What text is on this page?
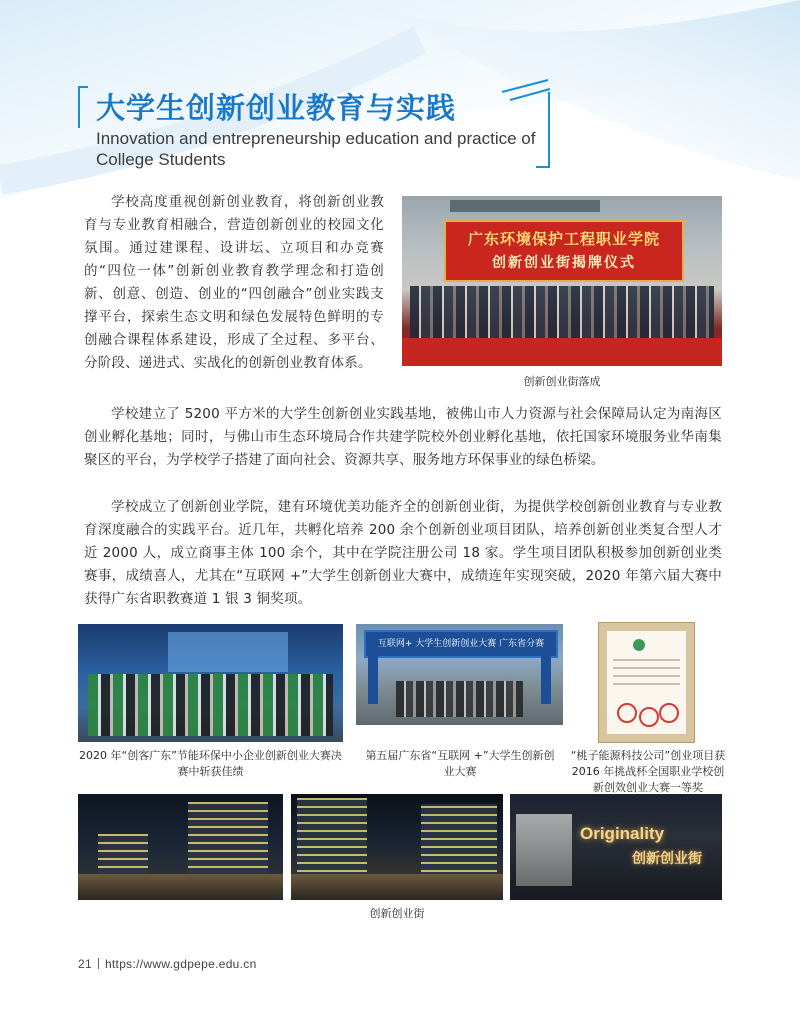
大学生创新创业教育与实践
Innovation and entrepreneurship education and practice of College Students

学校高度重视创新创业教育，将创新创业教育与专业教育相融合，营造创新创业的校园文化氛围。通过建课程、设讲坛、立项目和办竞赛的“四位一体”创新创业教育教学理念和打造创新、创意、创造、创业的“四创融合”创业实践支撑平台，探索生态文明和绿色发展特色鲜明的专创融合课程体系建设，形成了全过程、多平台、分阶段、递进式、实战化的创新创业教育体系。

学校建立了 5200 平方米的大学生创新创业实践基地，被佛山市人力资源与社会保障局认定为南海区创业孵化基地；同时，与佛山市生态环境局合作共建学院校外创业孵化基地，依托国家环境服务业华南集聚区的平台，为学校学子搭建了面向社会、资源共享、服务地方环保事业的绿色桥梁。

学校成立了创新创业学院，建有环境优美功能齐全的创新创业街，为提供学校创新创业教育与专业教育深度融合的实践平台。近几年，共孵化培养 200 余个创新创业项目团队，培养创新创业类复合型人才近 2000 人，成立商事主体 100 余个，其中在学院注册公司 18 家。学生项目团队积极参加创新创业类赛事，成绩喜人，尤其在“互联网 +”大学生创新创业大赛中，成绩连年实现突破，2020 年第六届大赛中获得广东省职教赛道 1 银 3 铜奖项。

广东环境保护工程职业学院
创新创业街揭牌仪式
创新创业街落成
2020 年“创客广东”节能环保中小企业创新创业大赛决赛中斩获佳绩
互联网+ 大学生创新创业大赛 广东省分赛
第五届广东省“互联网 +”大学生创新创业大赛
“桃子能源科技公司”创业项目获 2016 年挑战杯全国职业学校创新创效创业大赛一等奖
Originality
创新创业街
创新创业街
21 https://www.gdpepe.edu.cn
